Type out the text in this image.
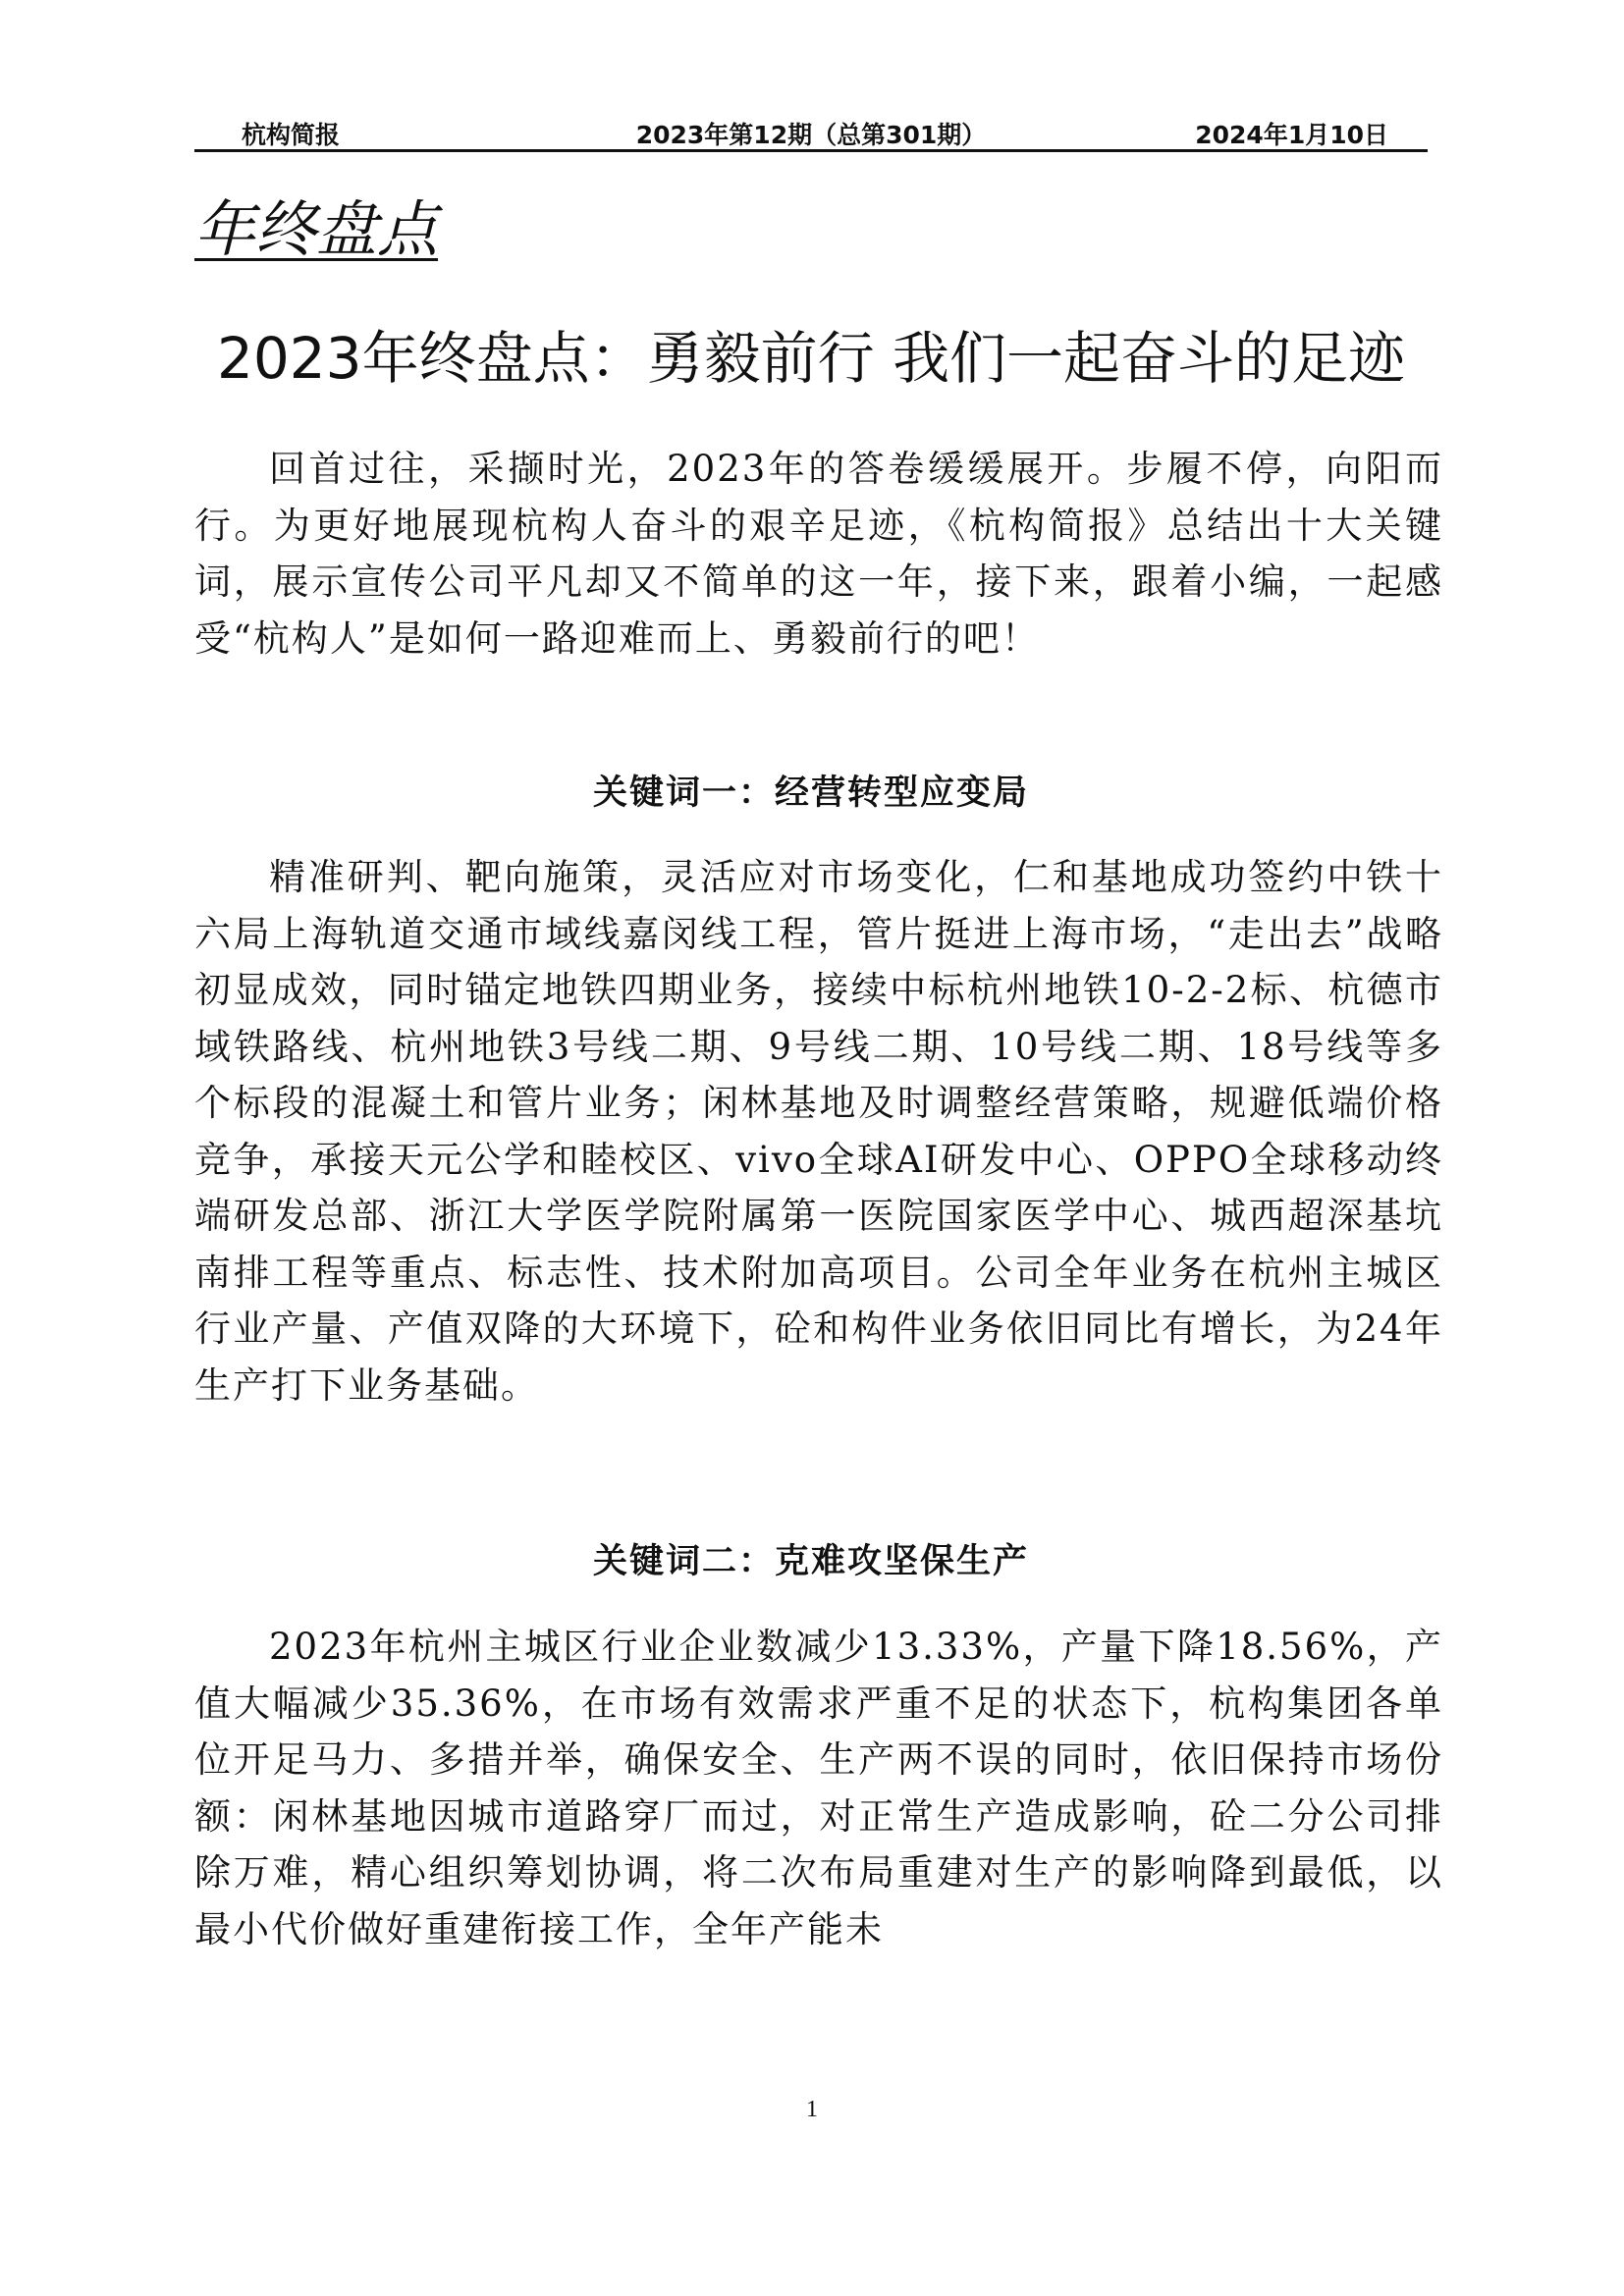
2023年第12期（总第301期）
杭构简报	2024年1月10日
年终盘点
2023年终盘点：勇毅前行 我们一起奋斗的足迹

回首过往，采撷时光，2023年的答卷缓缓展开。步履不停，向阳而行。为更好地展现杭构人奋斗的艰辛足迹，《杭构简报》总结出十大关键词，展示宣传公司平凡却又不简单的这一年，接下来，跟着小编，一起感受“杭构人”是如何一路迎难而上、勇毅前行的吧！

关键词一：经营转型应变局

精准研判、靶向施策，灵活应对市场变化，仁和基地成功签约中铁十六局上海轨道交通市域线嘉闵线工程，管片挺进上海市场，“走出去”战略初显成效，同时锚定地铁四期业务，接续中标杭州地铁10-2-2标、杭德市域铁路线、杭州地铁3号线二期、9号线二期、10号线二期、18号线等多个标段的混凝土和管片业务；闲林基地及时调整经营策略，规避低端价格竞争，承接天元公学和睦校区、vivo全球AI研发中心、OPPO全球移动终端研发总部、浙江大学医学院附属第一医院国家医学中心、城西超深基坑南排工程等重点、标志性、技术附加高项目。公司全年业务在杭州主城区行业产量、产值双降的大环境下，砼和构件业务依旧同比有增长，为24年生产打下业务基础。

关键词二：克难攻坚保生产

2023年杭州主城区行业企业数减少13.33%，产量下降18.56%，产值大幅减少35.36%，在市场有效需求严重不足的状态下，杭构集团各单位开足马力、多措并举，确保安全、生产两不误的同时，依旧保持市场份额：闲林基地因城市道路穿厂而过，对正常生产造成影响，砼二分公司排除万难，精心组织筹划协调，将二次布局重建对生产的影响降到最低，以最小代价做好重建衔接工作，全年产能未

1
